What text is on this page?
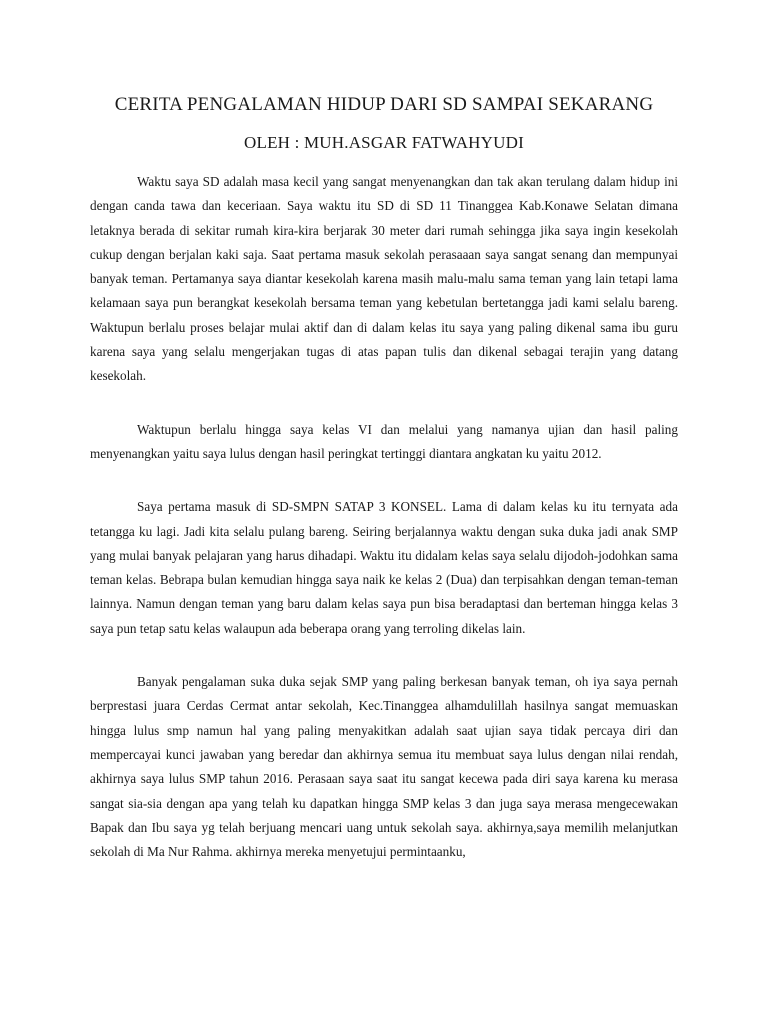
CERITA PENGALAMAN HIDUP DARI SD SAMPAI SEKARANG
OLEH : MUH.ASGAR FATWAHYUDI

Waktu saya SD adalah masa kecil yang sangat menyenangkan dan tak akan terulang dalam hidup ini dengan canda tawa dan keceriaan. Saya waktu itu SD di SD 11 Tinanggea Kab.Konawe Selatan dimana letaknya berada di sekitar rumah kira-kira berjarak 30 meter dari rumah sehingga jika saya ingin kesekolah cukup dengan berjalan kaki saja. Saat pertama masuk sekolah perasaaan saya sangat senang dan mempunyai banyak teman. Pertamanya saya diantar kesekolah karena masih malu-malu sama teman yang lain tetapi lama kelamaan saya pun berangkat kesekolah bersama teman yang kebetulan bertetangga jadi kami selalu bareng. Waktupun berlalu proses belajar mulai aktif dan di dalam kelas itu saya yang paling dikenal sama ibu guru karena saya yang selalu mengerjakan tugas di atas papan tulis dan dikenal sebagai terajin yang datang kesekolah.

Waktupun berlalu hingga saya kelas VI dan melalui yang namanya ujian dan hasil paling menyenangkan yaitu saya lulus dengan hasil peringkat tertinggi diantara angkatan ku yaitu 2012.

Saya pertama masuk di SD-SMPN SATAP 3 KONSEL. Lama di dalam kelas ku itu ternyata ada tetangga ku lagi. Jadi kita selalu pulang bareng. Seiring berjalannya waktu dengan suka duka jadi anak SMP yang mulai banyak pelajaran yang harus dihadapi. Waktu itu didalam kelas saya selalu dijodoh-jodohkan sama teman kelas. Bebrapa bulan kemudian hingga saya naik ke kelas 2 (Dua) dan terpisahkan dengan teman-teman lainnya. Namun dengan teman yang baru dalam kelas saya pun bisa beradaptasi dan berteman hingga kelas 3 saya pun tetap satu kelas walaupun ada beberapa orang yang terroling dikelas lain.

Banyak pengalaman suka duka sejak SMP yang paling berkesan banyak teman, oh iya saya pernah berprestasi juara Cerdas Cermat antar sekolah, Kec.Tinanggea alhamdulillah hasilnya sangat memuaskan hingga lulus smp namun hal yang paling menyakitkan adalah saat ujian saya tidak percaya diri dan mempercayai kunci jawaban yang beredar dan akhirnya semua itu membuat saya lulus dengan nilai rendah, akhirnya saya lulus SMP tahun 2016. Perasaan saya saat itu sangat kecewa pada diri saya karena ku merasa sangat sia-sia dengan apa yang telah ku dapatkan hingga SMP kelas 3 dan juga saya merasa mengecewakan Bapak dan Ibu saya yg telah berjuang mencari uang untuk sekolah saya. akhirnya,saya memilih melanjutkan sekolah di Ma Nur Rahma. akhirnya mereka menyetujui permintaanku,
